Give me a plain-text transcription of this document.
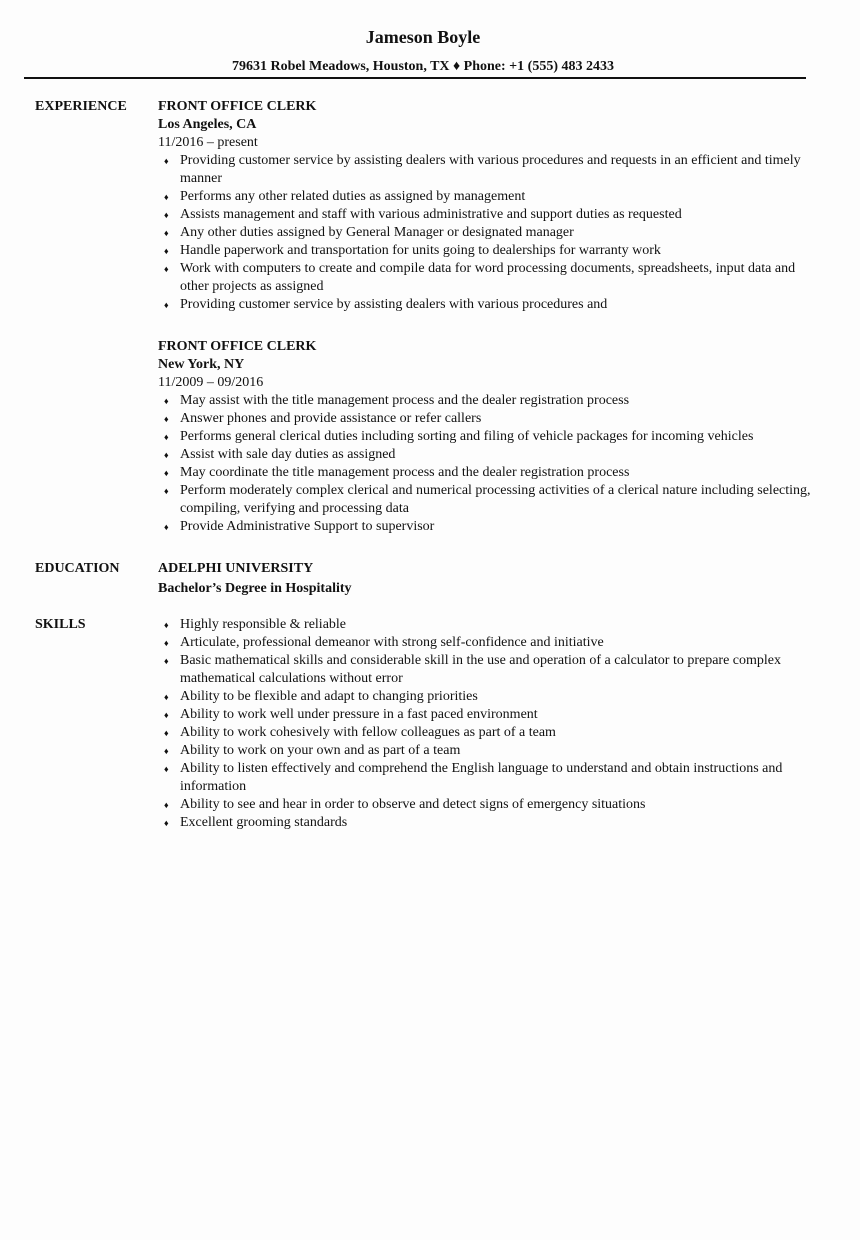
Jameson Boyle
79631 Robel Meadows, Houston, TX ♦ Phone: +1 (555) 483 2433
EXPERIENCE FRONT OFFICE CLERK
Los Angeles, CA
11/2016 – present
♦ Providing customer service by assisting dealers with various procedures and requests in an efficient and timely manner
♦ Performs any other related duties as assigned by management
♦ Assists management and staff with various administrative and support duties as requested
♦ Any other duties assigned by General Manager or designated manager
♦ Handle paperwork and transportation for units going to dealerships for warranty work
♦ Work with computers to create and compile data for word processing documents, spreadsheets, input data and other projects as assigned
♦ Providing customer service by assisting dealers with various procedures and
FRONT OFFICE CLERK
New York, NY
11/2009 – 09/2016
♦ May assist with the title management process and the dealer registration process
♦ Answer phones and provide assistance or refer callers
♦ Performs general clerical duties including sorting and filing of vehicle packages for incoming vehicles
♦ Assist with sale day duties as assigned
♦ May coordinate the title management process and the dealer registration process
♦ Perform moderately complex clerical and numerical processing activities of a clerical nature including selecting, compiling, verifying and processing data
♦ Provide Administrative Support to supervisor
EDUCATION	ADELPHI UNIVERSITY
Bachelor’s Degree in Hospitality
SKILLS	♦ Highly responsible & reliable
♦ Articulate, professional demeanor with strong self-confidence and initiative
♦ Basic mathematical skills and considerable skill in the use and operation of a calculator to prepare complex mathematical calculations without error
♦ Ability to be flexible and adapt to changing priorities
♦ Ability to work well under pressure in a fast paced environment
♦ Ability to work cohesively with fellow colleagues as part of a team
♦ Ability to work on your own and as part of a team
♦ Ability to listen effectively and comprehend the English language to understand and obtain instructions and information
♦ Ability to see and hear in order to observe and detect signs of emergency situations
♦ Excellent grooming standards
